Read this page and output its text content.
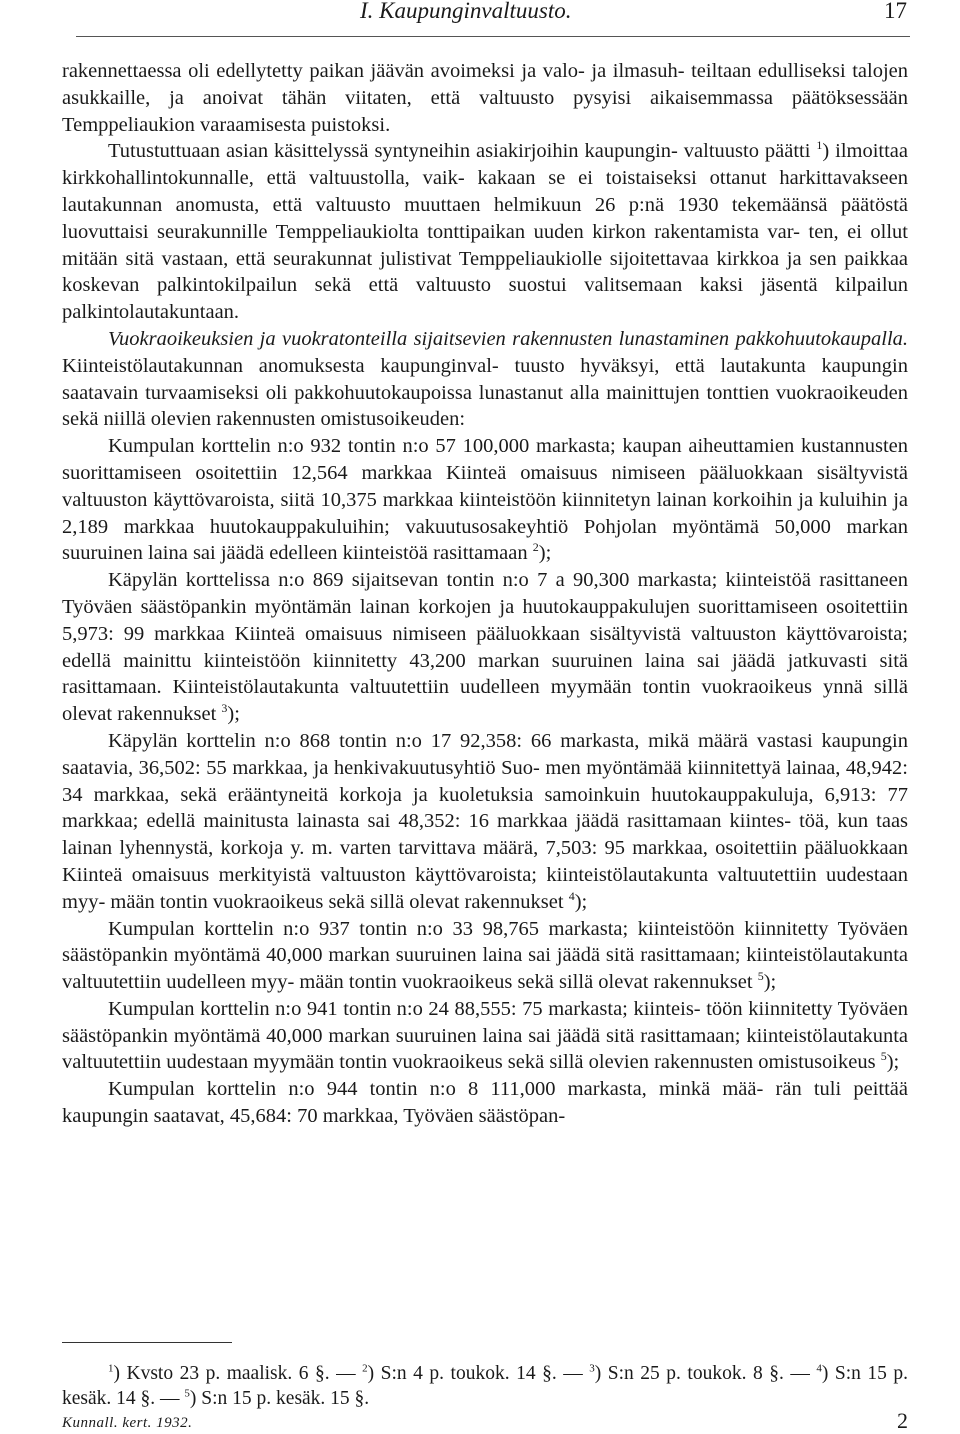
I. Kaupunginvaltuusto.	17

rakennettaessa oli edellytetty paikan jäävän avoimeksi ja valo- ja ilmasuh- teiltaan edulliseksi talojen asukkaille, ja anoivat tähän viitaten, että valtuusto pysyisi aikaisemmassa päätöksessään Temppeliaukion varaamisesta puistoksi.

Tutustuttuaan asian käsittelyssä syntyneihin asiakirjoihin kaupungin- valtuusto päätti $^1$) ilmoittaa kirkkohallintokunnalle, että valtuustolla, vaik- kakaan se ei toistaiseksi ottanut harkittavakseen lautakunnan anomusta, että valtuusto muuttaen helmikuun 26 p:nä 1930 tekemäänsä päätöstä luovuttaisi seurakunnille Temppeliaukiolta tonttipaikan uuden kirkon rakentamista var- ten, ei ollut mitään sitä vastaan, että seurakunnat julistivat Temppeliaukiolle sijoitettavaa kirkkoa ja sen paikkaa koskevan palkintokilpailun sekä että valtuusto suostui valitsemaan kaksi jäsentä kilpailun palkintolautakuntaan.

Vuokraoikeuksien ja vuokratonteilla sijaitsevien rakennusten lunastaminen pakkohuutokaupalla. Kiinteistölautakunnan anomuksesta kaupunginval- tuusto hyväksyi, että lautakunta kaupungin saatavain turvaamiseksi oli pakkohuutokaupoissa lunastanut alla mainittujen tonttien vuokraoikeuden sekä niillä olevien rakennusten omistusoikeuden:

Kumpulan korttelin n:o 932 tontin n:o 57 100,000 markasta; kaupan aiheuttamien kustannusten suorittamiseen osoitettiin 12,564 markkaa Kiinteä omaisuus nimiseen pääluokkaan sisältyvistä valtuuston käyttövaroista, siitä 10,375 markkaa kiinteistöön kiinnitetyn lainan korkoihin ja kuluihin ja 2,189 markkaa huutokauppakuluihin; vakuutusosakeyhtiö Pohjolan myöntämä 50,000 markan suuruinen laina sai jäädä edelleen kiinteistöä rasittamaan $^2$);

Käpylän korttelissa n:o 869 sijaitsevan tontin n:o 7 a 90,300 markasta; kiinteistöä rasittaneen Työväen säästöpankin myöntämän lainan korkojen ja huutokauppakulujen suorittamiseen osoitettiin 5,973: 99 markkaa Kiinteä omaisuus nimiseen pääluokkaan sisältyvistä valtuuston käyttövaroista; edellä mainittu kiinteistöön kiinnitetty 43,200 markan suuruinen laina sai jäädä jatkuvasti sitä rasittamaan. Kiinteistölautakunta valtuutettiin uudelleen myymään tontin vuokraoikeus ynnä sillä olevat rakennukset $^3$);

Käpylän korttelin n:o 868 tontin n:o 17 92,358: 66 markasta, mikä määrä vastasi kaupungin saatavia, 36,502: 55 markkaa, ja henkivakuutusyhtiö Suo- men myöntämää kiinnitettyä lainaa, 48,942: 34 markkaa, sekä erääntyneitä korkoja ja kuoletuksia samoinkuin huutokauppakuluja, 6,913: 77 markkaa; edellä mainitusta lainasta sai 48,352: 16 markkaa jäädä rasittamaan kiintes- töä, kun taas lainan lyhennystä, korkoja y. m. varten tarvittava määrä, 7,503: 95 markkaa, osoitettiin pääluokkaan Kiinteä omaisuus merkityistä valtuuston käyttövaroista; kiinteistölautakunta valtuutettiin uudestaan myy- mään tontin vuokraoikeus sekä sillä olevat rakennukset $^4$);

Kumpulan korttelin n:o 937 tontin n:o 33 98,765 markasta; kiinteistöön kiinnitetty Työväen säästöpankin myöntämä 40,000 markan suuruinen laina sai jäädä sitä rasittamaan; kiinteistölautakunta valtuutettiin uudelleen myy- mään tontin vuokraoikeus sekä sillä olevat rakennukset $^5$);

Kumpulan korttelin n:o 941 tontin n:o 24 88,555: 75 markasta; kiinteis- töön kiinnitetty Työväen säästöpankin myöntämä 40,000 markan suuruinen laina sai jäädä sitä rasittamaan; kiinteistölautakunta valtuutettiin uudestaan myymään tontin vuokraoikeus sekä sillä olevien rakennusten omistusoikeus $^5$);

Kumpulan korttelin n:o 944 tontin n:o 8 111,000 markasta, minkä mää- rän tuli peittää kaupungin saatavat, 45,684: 70 markkaa, Työväen säästöpan-

$^1$) Kvsto 23 p. maalisk. 6 §. — $^2$) S:n 4 p. toukok. 14 §. — $^3$) S:n 25 p. toukok. 8 §. — $^4$) S:n 15 p. kesäk. 14 §. — $^5$) S:n 15 p. kesäk. 15 §.

Kunnall. kert. 1932.	2
